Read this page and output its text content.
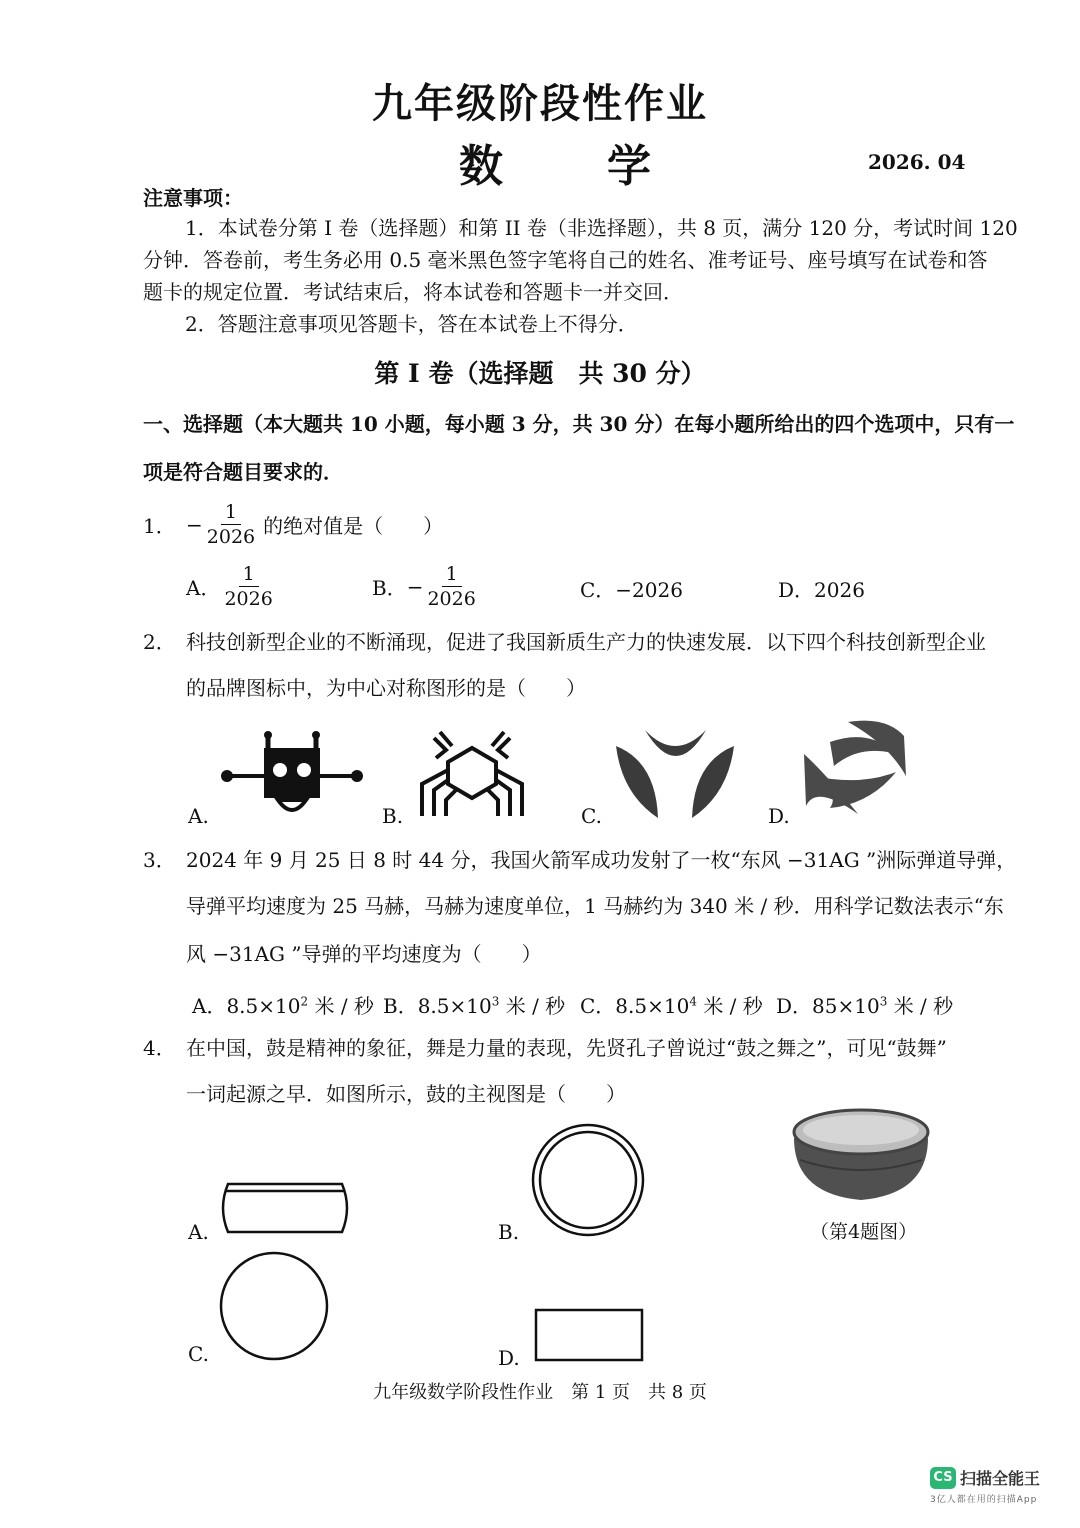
九年级阶段性作业
数　学	2026. 04
注意事项：
1．本试卷分第 I 卷（选择题）和第 II 卷（非选择题），共 8 页，满分 120 分，考试时间 120
分钟．答卷前，考生务必用 0.5 毫米黑色签字笔将自己的姓名、准考证号、座号填写在试卷和答
题卡的规定位置．考试结束后，将本试卷和答题卡一并交回．
2．答题注意事项见答题卡，答在本试卷上不得分．
第 I 卷（选择题　共 30 分）
一、选择题（本大题共 10 小题，每小题 3 分，共 30 分）在每小题所给出的四个选项中，只有一
项是符合题目要求的．
1． − $\frac{1}{2026}$ 的绝对值是（　　）
A． $\frac{1}{2026}$	B． − $\frac{1}{2026}$	C．−2026	D．2026
2． 科技创新型企业的不断涌现，促进了我国新质生产力的快速发展．以下四个科技创新型企业
的品牌图标中，为中心对称图形的是（　　）
A.	B.	C.	D.
3． 2024 年 9 月 25 日 8 时 44 分，我国火箭军成功发射了一枚“东风 −31AG ”洲际弹道导弹，
导弹平均速度为 25 马赫，马赫为速度单位，1 马赫约为 340 米 / 秒．用科学记数法表示“东
风 −31AG ”导弹的平均速度为（　　）
A．$8.5\times 10^2$ 米 / 秒 B．$8.5\times 10^3$ 米 / 秒 C．$8.5\times 10^4$ 米 / 秒 D．$85\times 10^3$ 米 / 秒
4． 在中国，鼓是精神的象征，舞是力量的表现，先贤孔子曾说过“鼓之舞之”，可见“鼓舞”
一词起源之早．如图所示，鼓的主视图是（　　）
A.	B.
C.	D.
（第4题图）
九年级数学阶段性作业　第 1 页　共 8 页
CS 扫描全能王
3亿人都在用的扫描App
